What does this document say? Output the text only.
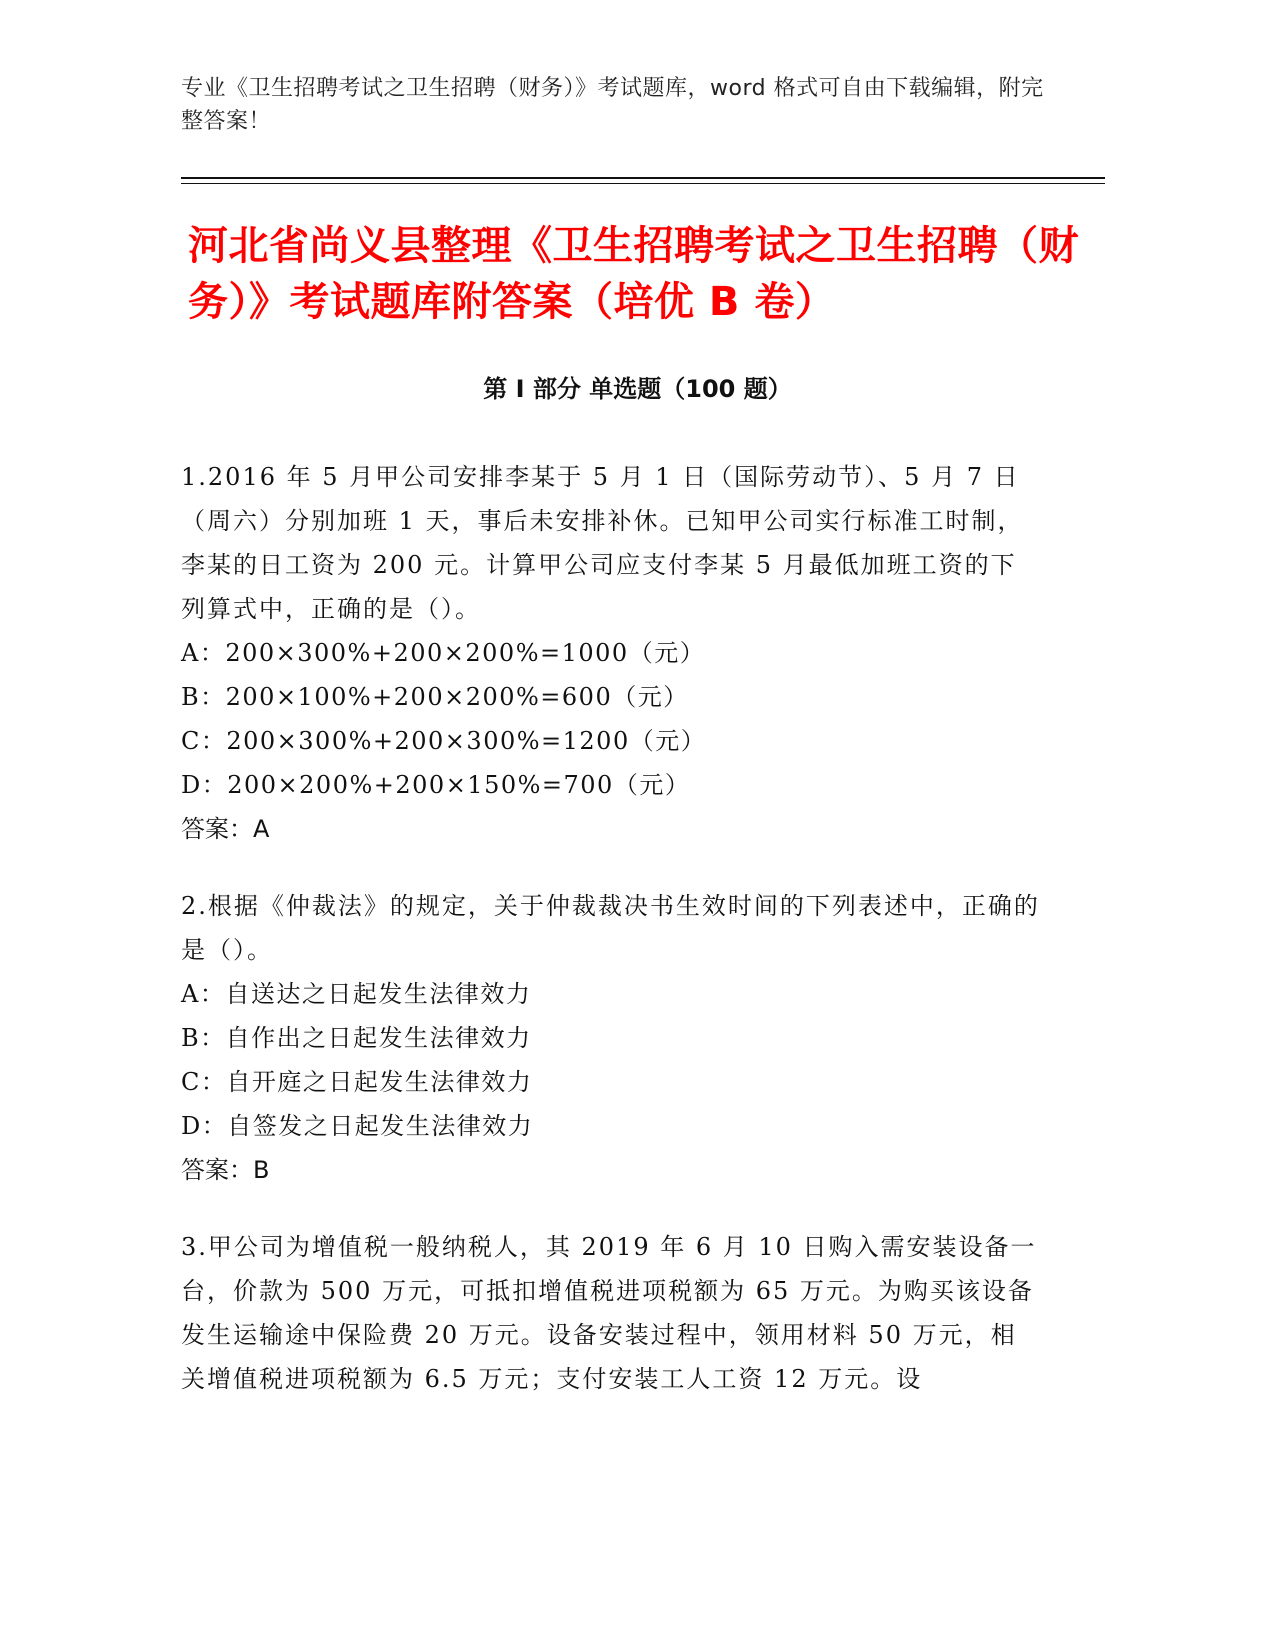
专业《卫生招聘考试之卫生招聘（财务）》考试题库，word 格式可自由下载编辑，附完整答案！
河北省尚义县整理《卫生招聘考试之卫生招聘（财务）》考试题库附答案（培优 B 卷）
第 I 部分 单选题（100 题）

1.2016 年 5 月甲公司安排李某于 5 月 1 日（国际劳动节）、5 月 7 日（周六）分别加班 1 天，事后未安排补休。已知甲公司实行标准工时制，李某的日工资为 200 元。计算甲公司应支付李某 5 月最低加班工资的下列算式中，正确的是（）。

A：200×300%+200×200%=1000（元）

B：200×100%+200×200%=600（元）

C：200×300%+200×300%=1200（元）

D：200×200%+200×150%=700（元）

答案：A

2.根据《仲裁法》的规定，关于仲裁裁决书生效时间的下列表述中，正确的是（）。

A：自送达之日起发生法律效力

B：自作出之日起发生法律效力

C：自开庭之日起发生法律效力

D：自签发之日起发生法律效力

答案：B

3.甲公司为增值税一般纳税人，其 2019 年 6 月 10 日购入需安装设备一台，价款为 500 万元，可抵扣增值税进项税额为 65 万元。为购买该设备发生运输途中保险费 20 万元。设备安装过程中，领用材料 50 万元，相关增值税进项税额为 6.5 万元；支付安装工人工资 12 万元。设
